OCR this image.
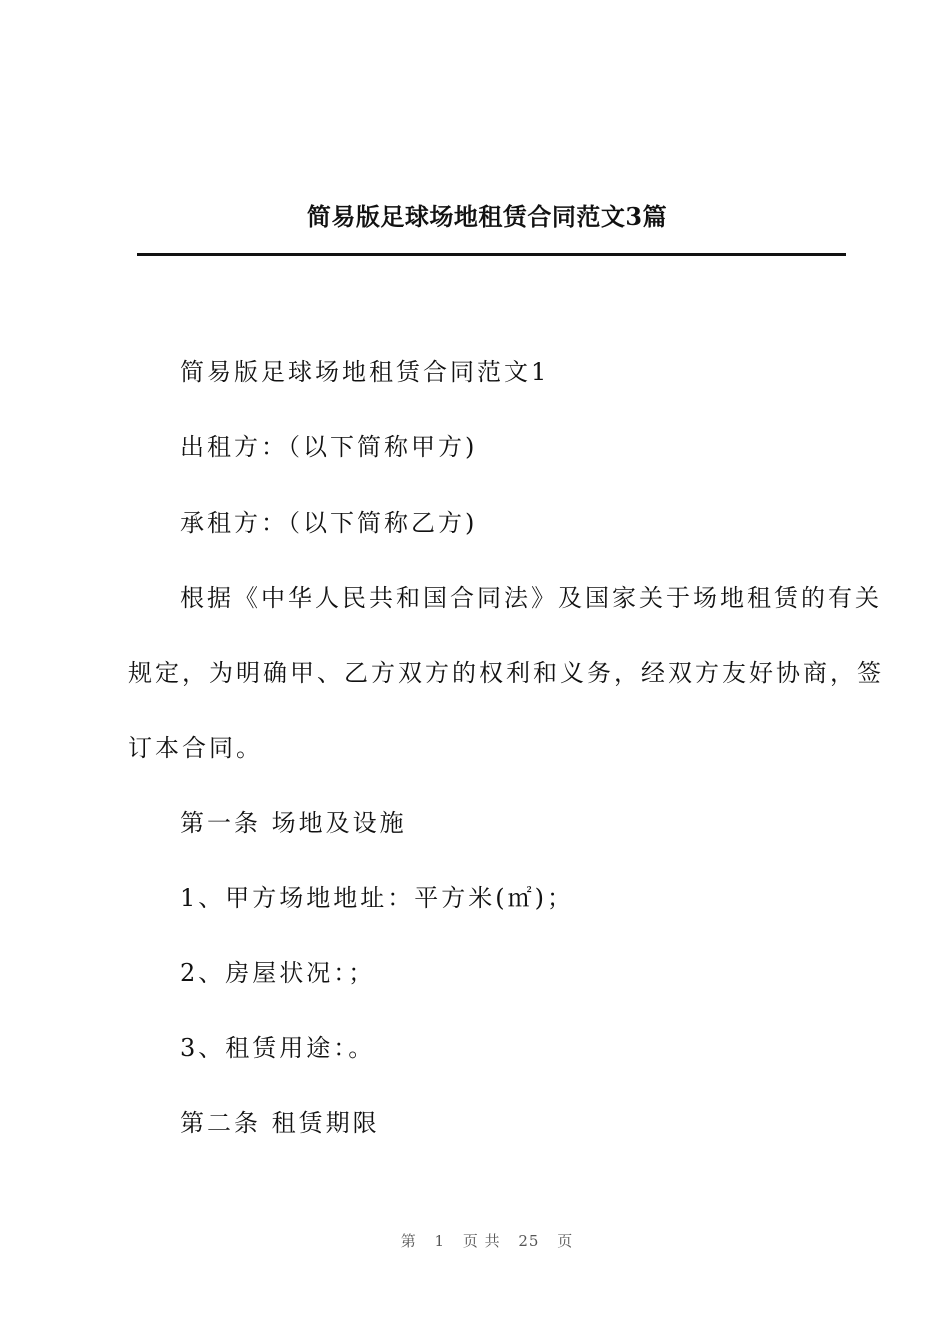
简易版足球场地租赁合同范文3篇
简易版足球场地租赁合同范文1
出租方：（以下简称甲方)
承租方：（以下简称乙方)
根据《中华人民共和国合同法》及国家关于场地租赁的有关
规定，为明确甲、乙方双方的权利和义务，经双方友好协商，签
订本合同。
第一条 场地及设施
1、甲方场地地址：平方米(㎡)；
2、房屋状况：；
3、租赁用途：。
第二条 租赁期限
第 1 页 共 25 页
